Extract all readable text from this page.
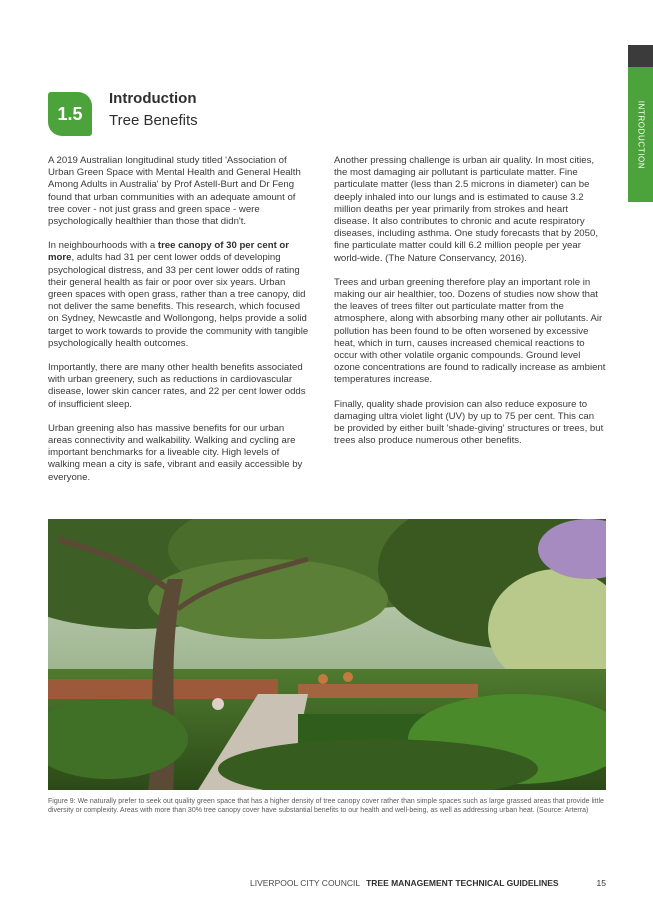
INTRODUCTION
1.5
Introduction
Tree Benefits

A 2019 Australian longitudinal study titled 'Association of Urban Green Space with Mental Health and General Health Among Adults in Australia' by Prof Astell-Burt and Dr Feng found that urban communities with an adequate amount of tree cover - not just grass and green space - were psychologically healthier than those that didn't.

In neighbourhoods with a tree canopy of 30 per cent or more, adults had 31 per cent lower odds of developing psychological distress, and 33 per cent lower odds of rating their general health as fair or poor over six years. Urban green spaces with open grass, rather than a tree canopy, did not deliver the same benefits. This research, which focused on Sydney, Newcastle and Wollongong, helps provide a solid target to work towards to provide the community with tangible psychologically health outcomes.

Importantly, there are many other health benefits associated with urban greenery, such as reductions in cardiovascular disease, lower skin cancer rates, and 22 per cent lower odds of insufficient sleep.

Urban greening also has massive benefits for our urban areas connectivity and walkability. Walking and cycling are important benchmarks for a liveable city. High levels of walking mean a city is safe, vibrant and easily accessible by everyone.

Another pressing challenge is urban air quality. In most cities, the most damaging air pollutant is particulate matter. Fine particulate matter (less than 2.5 microns in diameter) can be deeply inhaled into our lungs and is estimated to cause 3.2 million deaths per year primarily from strokes and heart disease. It also contributes to chronic and acute respiratory diseases, including asthma. One study forecasts that by 2050, fine particulate matter could kill 6.2 million people per year world-wide. (The Nature Conservancy, 2016).

Trees and urban greening therefore play an important role in making our air healthier, too. Dozens of studies now show that the leaves of trees filter out particulate matter from the atmosphere, along with absorbing many other air pollutants. Air pollution has been found to be often worsened by excessive heat, which in turn, causes increased chemical reactions to occur with other volatile organic compounds. Ground level ozone concentrations are found to radically increase as ambient temperatures increase.

Finally, quality shade provision can also reduce exposure to damaging ultra violet light (UV) by up to 75 per cent. This can be provided by either built 'shade-giving' structures or trees, but trees also produce numerous other benefits.

Figure 9: We naturally prefer to seek out quality green space that has a higher density of tree canopy cover rather than simple spaces such as large grassed areas that provide little diversity or complexity. Areas with more than 30% tree canopy cover have substantial benefits to our health and well-being, as well as addressing urban heat. (Source: Arterra)
LIVERPOOL CITY COUNCIL TREE MANAGEMENT TECHNICAL GUIDELINES	15
